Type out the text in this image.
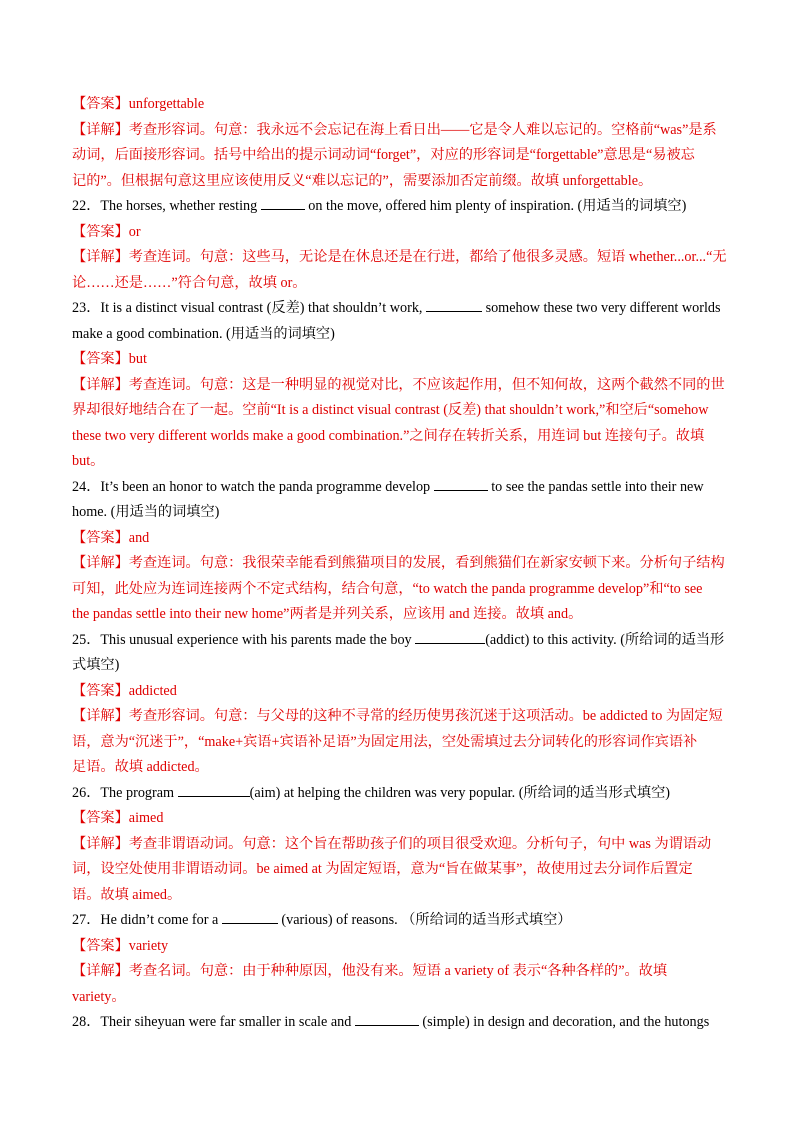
【答案】unforgettable
【详解】考查形容词。句意：我永远不会忘记在海上看日出——它是令人难以忘记的。空格前“was”是系
动词，后面接形容词。括号中给出的提示词动词“forget”，对应的形容词是“forgettable”意思是“易被忘
记的”。但根据句意这里应该使用反义“难以忘记的”，需要添加否定前缀。故填 unforgettable。
22．The horses, whether resting	on the move, offered him plenty of inspiration. (用适当的词填空)
【答案】or
【详解】考查连词。句意：这些马，无论是在休息还是在行进，都给了他很多灵感。短语 whether...or...“无
论……还是……”符合句意，故填 or。
23．It is a distinct visual contrast (反差) that shouldn’t work,	somehow these two very different worlds
make a good combination. (用适当的词填空)
【答案】but
【详解】考查连词。句意：这是一种明显的视觉对比，不应该起作用，但不知何故，这两个截然不同的世
界却很好地结合在了一起。空前“It is a distinct visual contrast (反差) that shouldn’t work,”和空后“somehow
these two very different worlds make a good combination.”之间存在转折关系，用连词 but 连接句子。故填
but。
24．It’s been an honor to watch the panda programme develop	to see the pandas settle into their new
home. (用适当的词填空)
【答案】and
【详解】考查连词。句意：我很荣幸能看到熊猫项目的发展，看到熊猫们在新家安顿下来。分析句子结构
可知，此处应为连词连接两个不定式结构，结合句意，“to watch the panda programme develop”和“to see
the pandas settle into their new home”两者是并列关系，应该用 and 连接。故填 and。
25．This unusual experience with his parents made the boy	(addict) to this activity. (所给词的适当形
式填空)
【答案】addicted
【详解】考查形容词。句意：与父母的这种不寻常的经历使男孩沉迷于这项活动。be addicted to 为固定短
语，意为“沉迷于”，“make+宾语+宾语补足语”为固定用法，空处需填过去分词转化的形容词作宾语补
足语。故填 addicted。
26．The program	(aim) at helping the children was very popular. (所给词的适当形式填空)
【答案】aimed
【详解】考查非谓语动词。句意：这个旨在帮助孩子们的项目很受欢迎。分析句子，句中 was 为谓语动
词，设空处使用非谓语动词。be aimed at 为固定短语，意为“旨在做某事”，故使用过去分词作后置定
语。故填 aimed。
27．He didn’t come for a	(various) of reasons. （所给词的适当形式填空）
【答案】variety
【详解】考查名词。句意：由于种种原因，他没有来。短语 a variety of 表示“各种各样的”。故填
variety。
28．Their siheyuan were far smaller in scale and	(simple) in design and decoration, and the hutongs
